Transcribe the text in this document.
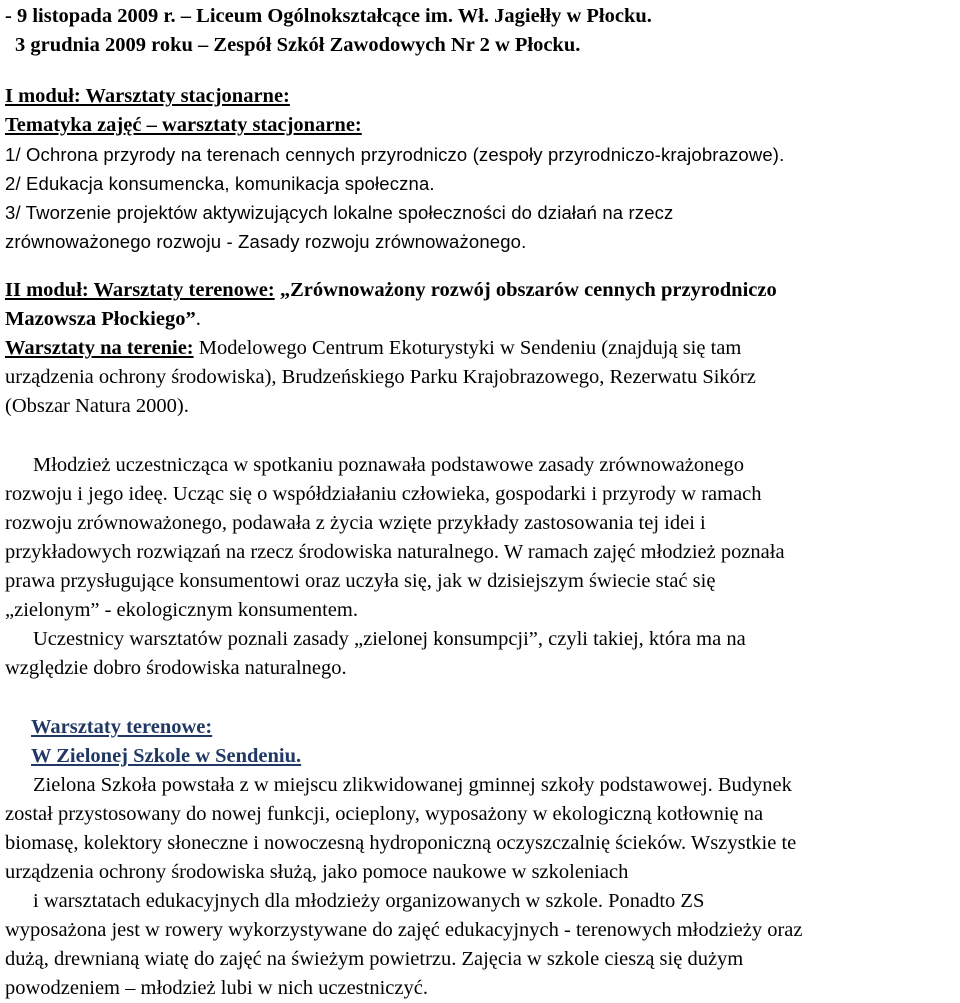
- 9 listopada 2009 r. – Liceum Ogólnokształcące im. Wł. Jagiełły w Płocku.

3 grudnia 2009 roku – Zespół Szkół Zawodowych Nr 2 w Płocku.

I moduł: Warsztaty stacjonarne:

Tematyka zajęć – warsztaty stacjonarne:

1/ Ochrona przyrody na terenach cennych przyrodniczo (zespoły przyrodniczo-krajobrazowe).

2/ Edukacja konsumencka, komunikacja społeczna.

3/ Tworzenie projektów aktywizujących lokalne społeczności do działań na rzecz

zrównoważonego rozwoju - Zasady rozwoju zrównoważonego.

II moduł: Warsztaty terenowe: „Zrównoważony rozwój obszarów cennych przyrodniczo

Mazowsza Płockiego”.

Warsztaty na terenie: Modelowego Centrum Ekoturystyki w Sendeniu (znajdują się tam

urządzenia ochrony środowiska), Brudzeńskiego Parku Krajobrazowego, Rezerwatu Sikórz

(Obszar Natura 2000).

Młodzież uczestnicząca w spotkaniu poznawała podstawowe zasady zrównoważonego

rozwoju i jego ideę. Ucząc się o współdziałaniu człowieka, gospodarki i przyrody w ramach

rozwoju zrównoważonego, podawała z życia wzięte przykłady zastosowania tej idei i

przykładowych rozwiązań na rzecz środowiska naturalnego. W ramach zajęć młodzież poznała

prawa przysługujące konsumentowi oraz uczyła się, jak w dzisiejszym świecie stać się

„zielonym” - ekologicznym konsumentem.

Uczestnicy warsztatów poznali zasady „zielonej konsumpcji”, czyli takiej, która ma na

względzie dobro środowiska naturalnego.

Warsztaty terenowe:

W Zielonej Szkole w Sendeniu.

Zielona Szkoła powstała z w miejscu zlikwidowanej gminnej szkoły podstawowej. Budynek

został przystosowany do nowej funkcji, ocieplony, wyposażony w ekologiczną kotłownię na

biomasę, kolektory słoneczne i nowoczesną hydroponiczną oczyszczalnię ścieków. Wszystkie te

urządzenia ochrony środowiska służą, jako pomoce naukowe w szkoleniach

i warsztatach edukacyjnych dla młodzieży organizowanych w szkole. Ponadto ZS

wyposażona jest w rowery wykorzystywane do zajęć edukacyjnych - terenowych młodzieży oraz

dużą, drewnianą wiatę do zajęć na świeżym powietrzu. Zajęcia w szkole cieszą się dużym

powodzeniem – młodzież lubi w nich uczestniczyć.
